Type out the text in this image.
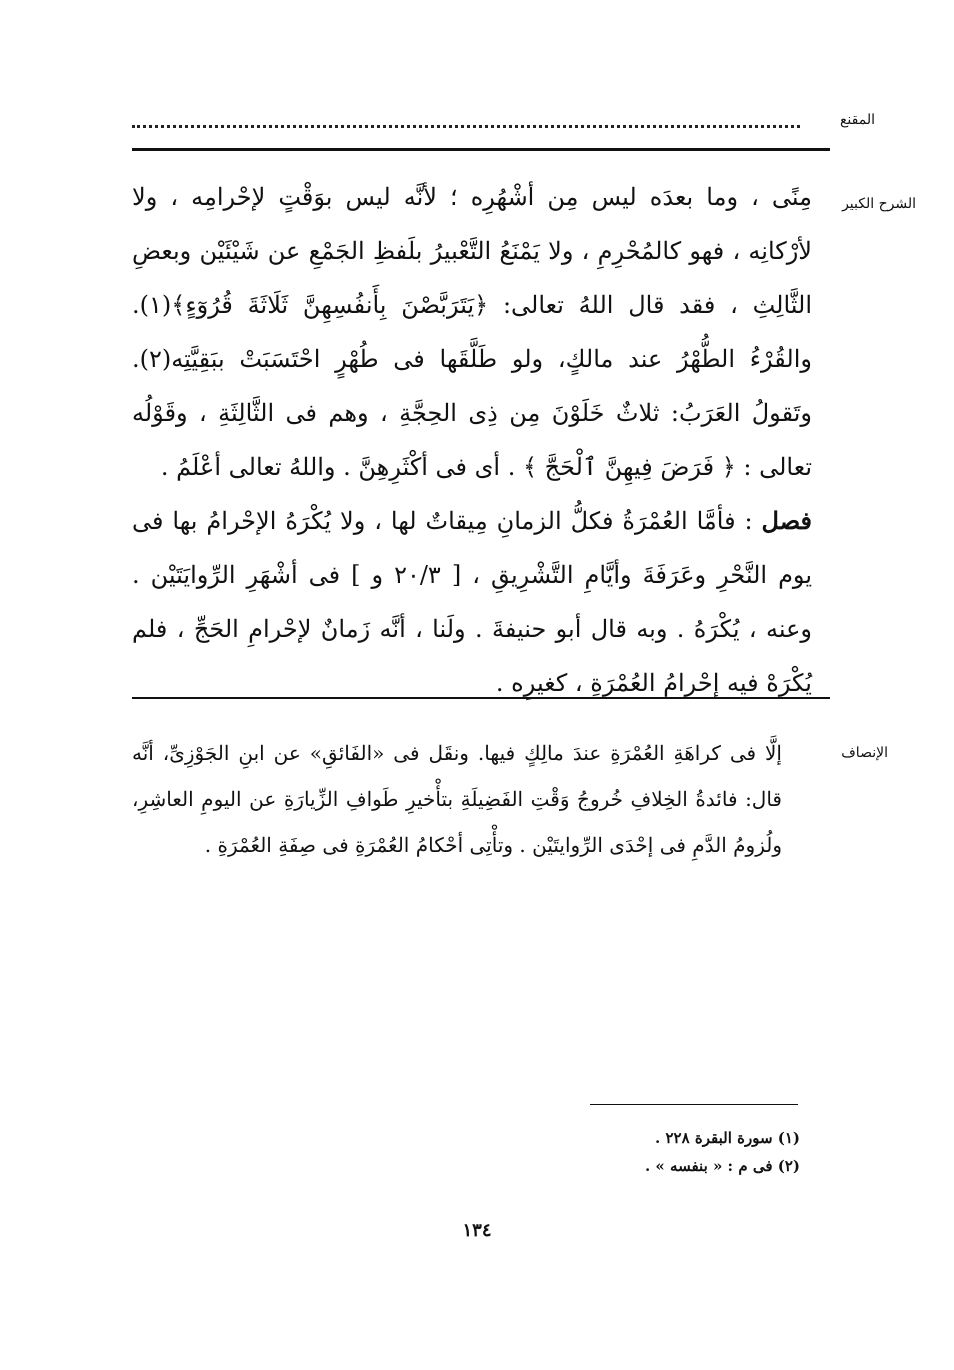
المقنع
الشرح الكبير

مِنًى ، وما بعدَه ليس مِن أشْهُرِه ؛ لأنَّه ليس بوَقْتٍ لإحْرامِه ، ولا لأرْكانِه ، فهو كالمُحْرِمِ ، ولا يَمْنَعُ التَّعْبيرُ بلَفظِ الجَمْعِ عن شَيْئَيْن وبعضِ الثَّالِثِ ، فقد قال اللهُ تعالى: ﴿يَتَرَبَّصْنَ بِأَنفُسِهِنَّ ثَلَاثَةَ قُرُوٓءٍ﴾(١). والقُرْءُ الطُّهْرُ عند مالكٍ، ولو طَلَّقَها فى طُهْرٍ احْتَسَبَتْ ببَقِيَّتِه(٢). وتَقولُ العَرَبُ: ثلاثٌ خَلَوْنَ مِن ذِى الحِجَّةِ ، وهم فى الثَّالِثَةِ ، وقَوْلُه تعالى : ﴿ فَرَضَ فِيهِنَّ ٱلْحَجَّ ﴾ . أى فى أكْثَرِهِنَّ . واللهُ تعالى أعْلَمُ .

فصل : فأمَّا العُمْرَةُ فكلُّ الزمانِ مِيقاتٌ لها ، ولا يُكْرَهُ الإحْرامُ بها فى يوم النَّحْرِ وعَرَفَةَ وأيَّامِ التَّشْرِيقِ ، [ ٢٠/٣ و ] فى أشْهَرِ الرِّوايَتَيْن . وعنه ، يُكْرَهُ . وبه قال أبو حنيفةَ . ولَنا ، أنَّه زَمانٌ لإحْرامِ الحَجِّ ، فلم يُكْرَهْ فيه إحْرامُ العُمْرَةِ ، كغيرِه .

الإنصاف
إلَّا فى كراهَةِ العُمْرَةِ عندَ مالِكٍ فيها. ونقَل فى «الفَائقِ» عن ابنِ الجَوْزِىِّ، أنَّه قال: فائدةُ الخِلافِ خُروجُ وَقْتِ الفَضِيلَةِ بتأْخيرِ طَوافِ الزِّيارَةِ عن اليومِ العاشِرِ، ولُزومُ الدَّمِ فى إحْدَى الرِّوايتَيْن . وتأْتِى أحْكامُ العُمْرَةِ فى صِفَةِ العُمْرَةِ .
(١) سورة البقرة ٢٢٨ .
(٢) فى م : « بنفسه » .
١٣٤
